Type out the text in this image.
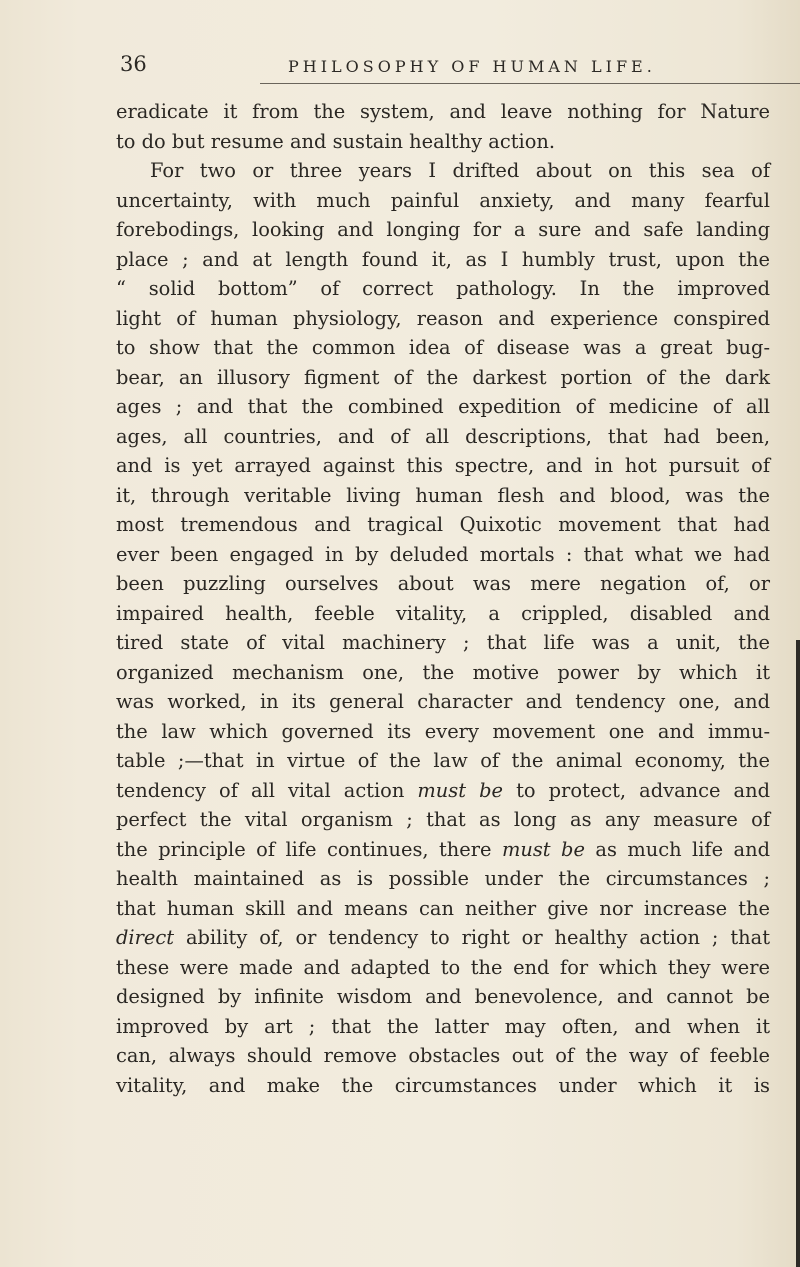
36	PHILOSOPHY OF HUMAN LIFE.
eradicate it from the system, and leave nothing for Nature
to do but resume and sustain healthy action.
For two or three years I drifted about on this sea of
uncertainty, with much painful anxiety, and many fearful
forebodings, looking and longing for a sure and safe landing
place ; and at length found it, as I humbly trust, upon the
“ solid bottom” of correct pathology. In the improved
light of human physiology, reason and experience conspired
to show that the common idea of disease was a great bug-
bear, an illusory figment of the darkest portion of the dark
ages ; and that the combined expedition of medicine of all
ages, all countries, and of all descriptions, that had been,
and is yet arrayed against this spectre, and in hot pursuit of
it, through veritable living human flesh and blood, was the
most tremendous and tragical Quixotic movement that had
ever been engaged in by deluded mortals : that what we had
been puzzling ourselves about was mere negation of, or
impaired health, feeble vitality, a crippled, disabled and
tired state of vital machinery ; that life was a unit, the
organized mechanism one, the motive power by which it
was worked, in its general character and tendency one, and
the law which governed its every movement one and immu-
table ;—that in virtue of the law of the animal economy, the
tendency of all vital action must be to protect, advance and
perfect the vital organism ; that as long as any measure of
the principle of life continues, there must be as much life and
health maintained as is possible under the circumstances ;
that human skill and means can neither give nor increase the
direct ability of, or tendency to right or healthy action ; that
these were made and adapted to the end for which they were
designed by infinite wisdom and benevolence, and cannot be
improved by art ; that the latter may often, and when it
can, always should remove obstacles out of the way of feeble
vitality, and make the circumstances under which it is
